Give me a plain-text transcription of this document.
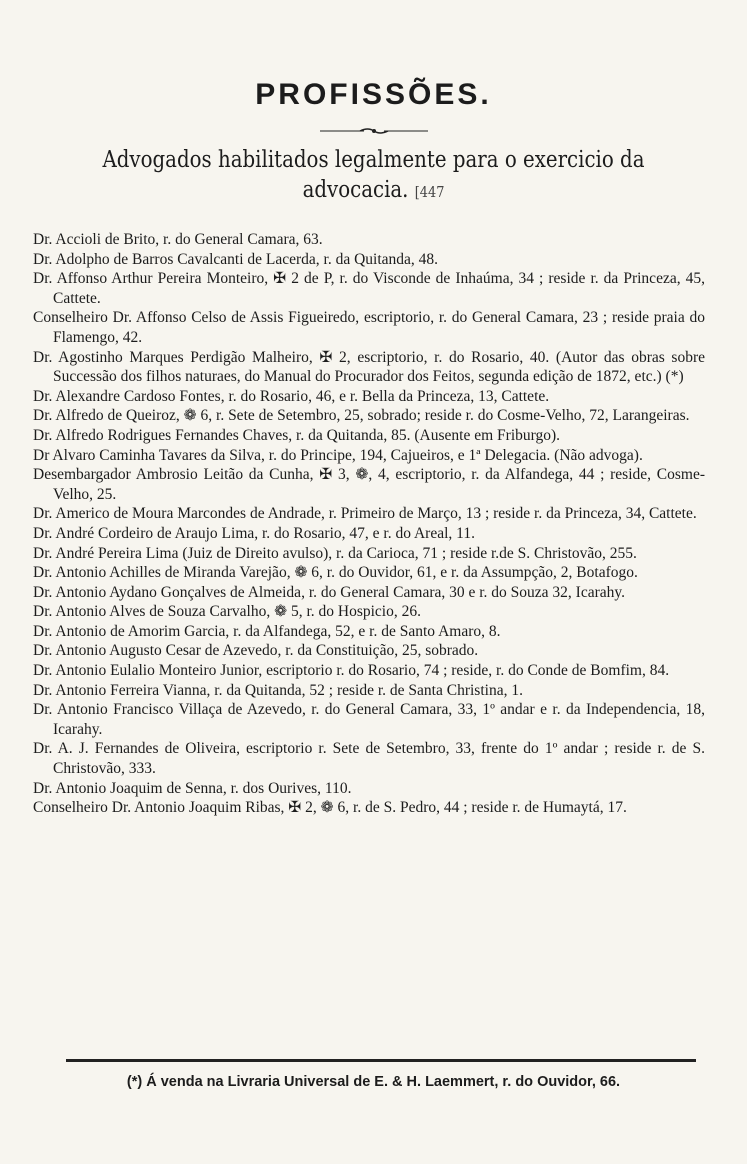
PROFISSÕES.
Advogados habilitados legalmente para o exercicio da
advocacia. [447
Dr. Accioli de Brito, r. do General Camara, 63.
Dr. Adolpho de Barros Cavalcanti de Lacerda, r. da Quitanda, 48.
Dr. Affonso Arthur Pereira Monteiro, ✠ 2 de P, r. do Visconde de Inhaúma, 34 ; reside r. da Princeza, 45, Cattete.
Conselheiro Dr. Affonso Celso de Assis Figueiredo, escriptorio, r. do General Camara, 23 ; reside praia do Flamengo, 42.
Dr. Agostinho Marques Perdigão Malheiro, ✠ 2, escriptorio, r. do Rosario, 40. (Autor das obras sobre Successão dos filhos naturaes, do Manual do Procurador dos Feitos, segunda edição de 1872, etc.) (*)
Dr. Alexandre Cardoso Fontes, r. do Rosario, 46, e r. Bella da Princeza, 13, Cattete.
Dr. Alfredo de Queiroz, ❁ 6, r. Sete de Setembro, 25, sobrado; reside r. do Cosme-Velho, 72, Larangeiras.
Dr. Alfredo Rodrigues Fernandes Chaves, r. da Quitanda, 85. (Ausente em Friburgo).
Dr Alvaro Caminha Tavares da Silva, r. do Principe, 194, Cajueiros, e 1ª Delegacia. (Não advoga).
Desembargador Ambrosio Leitão da Cunha, ✠ 3, ❁, 4, escriptorio, r. da Alfandega, 44 ; reside, Cosme-Velho, 25.
Dr. Americo de Moura Marcondes de Andrade, r. Primeiro de Março, 13 ; reside r. da Princeza, 34, Cattete.
Dr. André Cordeiro de Araujo Lima, r. do Rosario, 47, e r. do Areal, 11.
Dr. André Pereira Lima (Juiz de Direito avulso), r. da Carioca, 71 ; reside r.de S. Christovão, 255.
Dr. Antonio Achilles de Miranda Varejão, ❁ 6, r. do Ouvidor, 61, e r. da Assumpção, 2, Botafogo.
Dr. Antonio Aydano Gonçalves de Almeida, r. do General Camara, 30 e r. do Souza 32, Icarahy.
Dr. Antonio Alves de Souza Carvalho, ❁ 5, r. do Hospicio, 26.
Dr. Antonio de Amorim Garcia, r. da Alfandega, 52, e r. de Santo Amaro, 8.
Dr. Antonio Augusto Cesar de Azevedo, r. da Constituição, 25, sobrado.
Dr. Antonio Eulalio Monteiro Junior, escriptorio r. do Rosario, 74 ; reside, r. do Conde de Bomfim, 84.
Dr. Antonio Ferreira Vianna, r. da Quitanda, 52 ; reside r. de Santa Christina, 1.
Dr. Antonio Francisco Villaça de Azevedo, r. do General Camara, 33, 1º andar e r. da Independencia, 18, Icarahy.
Dr. A. J. Fernandes de Oliveira, escriptorio r. Sete de Setembro, 33, frente do 1º andar ; reside r. de S. Christovão, 333.
Dr. Antonio Joaquim de Senna, r. dos Ourives, 110.
Conselheiro Dr. Antonio Joaquim Ribas, ✠ 2, ❁ 6, r. de S. Pedro, 44 ; reside r. de Humaytá, 17.
(*) Á venda na Livraria Universal de E. & H. Laemmert, r. do Ouvidor, 66.
